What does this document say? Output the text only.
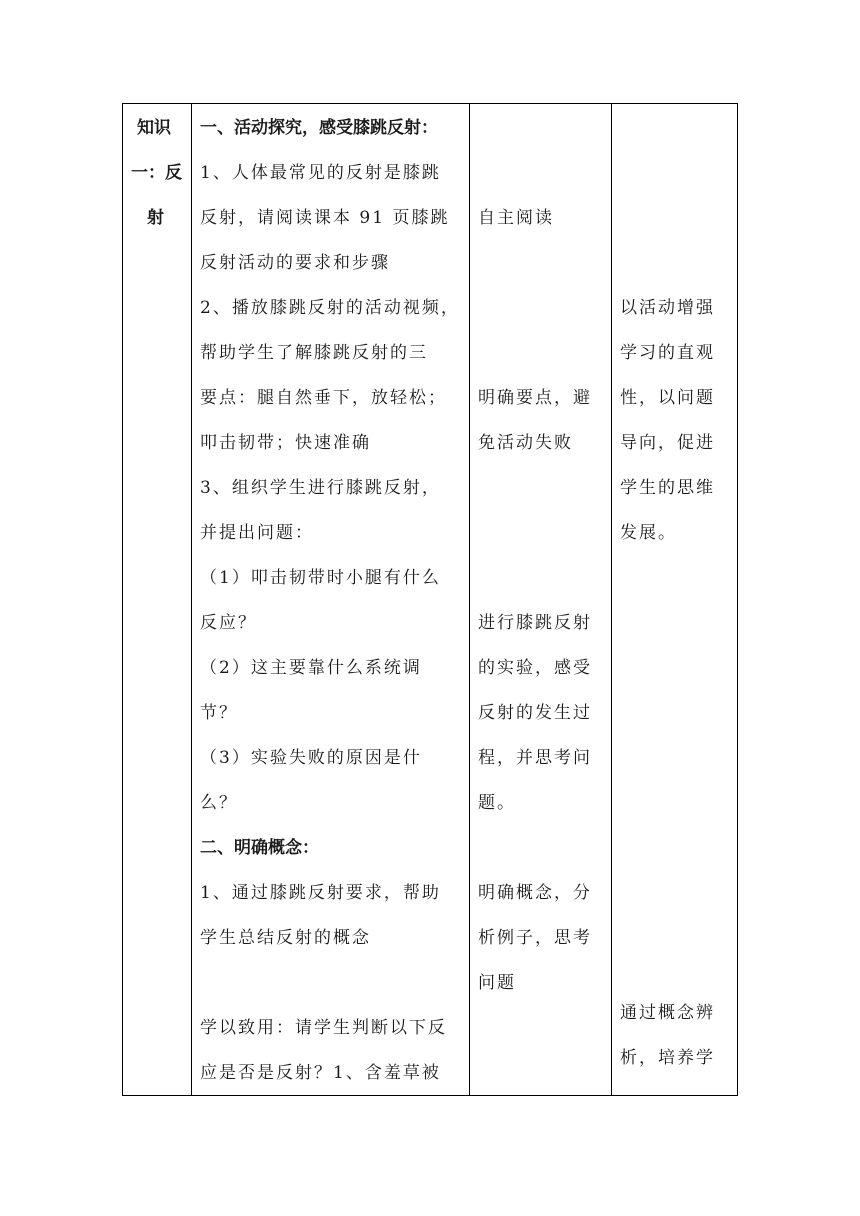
知识
一：反
射
一、活动探究，感受膝跳反射：
1、人体最常见的反射是膝跳
反射，请阅读课本 91 页膝跳
反射活动的要求和步骤
2、播放膝跳反射的活动视频，
帮助学生了解膝跳反射的三
要点：腿自然垂下，放轻松；
叩击韧带；快速准确
3、组织学生进行膝跳反射，
并提出问题：
（1）叩击韧带时小腿有什么
反应？
（2）这主要靠什么系统调
节？
（3）实验失败的原因是什
么？
二、明确概念：
1、通过膝跳反射要求，帮助
学生总结反射的概念
学以致用：请学生判断以下反
应是否是反射？1、含羞草被
自主阅读
明确要点，避
免活动失败
进行膝跳反射
的实验，感受
反射的发生过
程，并思考问
题。
明确概念，分
析例子，思考
问题
以活动增强
学习的直观
性，以问题
导向，促进
学生的思维
发展。
通过概念辨
析，培养学
